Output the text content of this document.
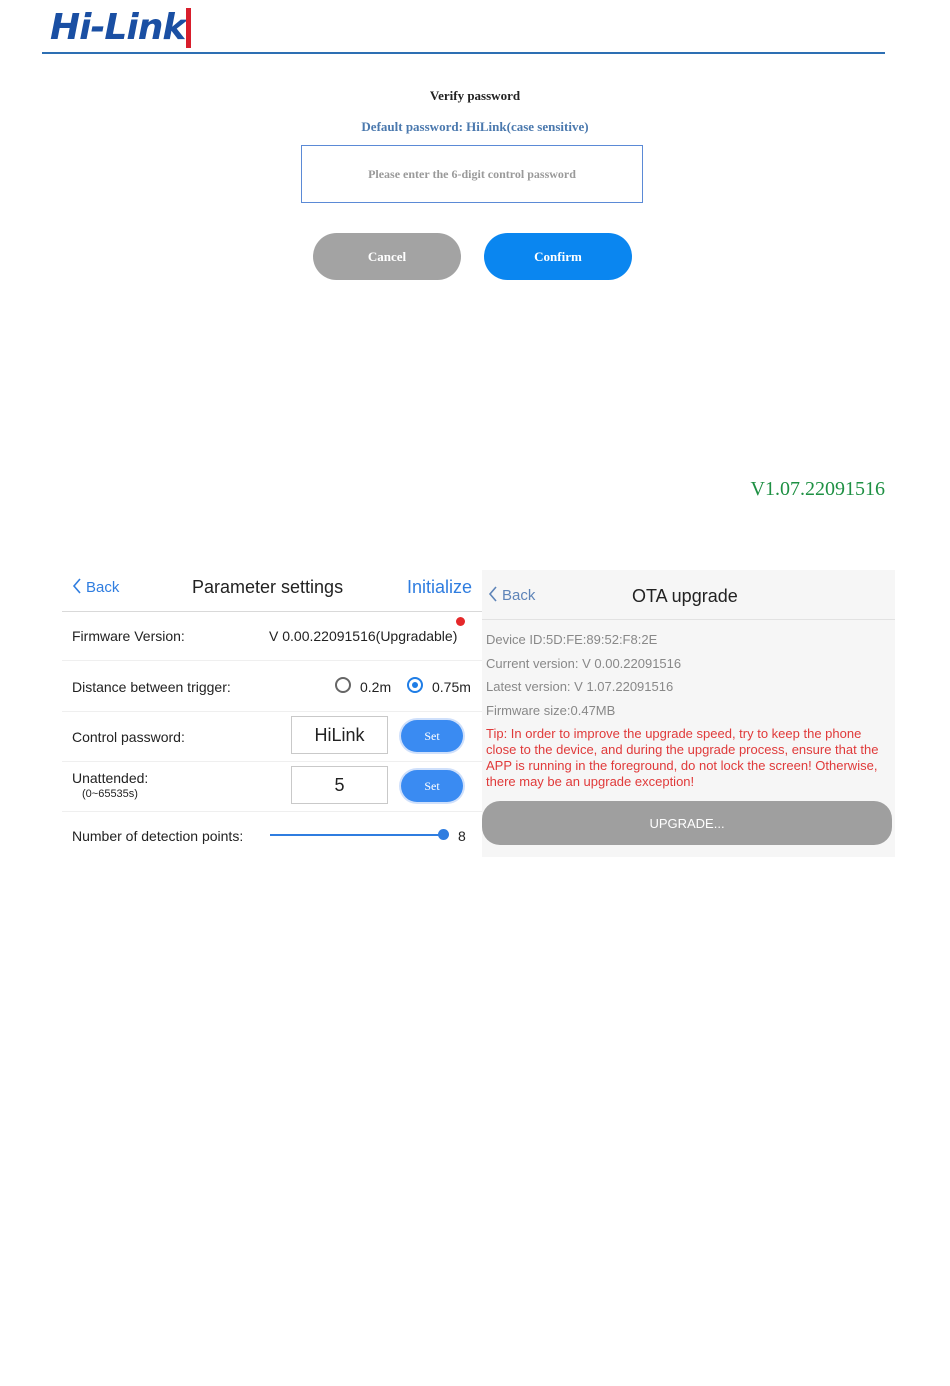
Hi-Link
Verify password
Default password: HiLink(case sensitive)
Please enter the 6-digit control password
Cancel	Confirm
V1.07.22091516
Back	Parameter settings	Initialize
Firmware Version:	V 0.00.22091516(Upgradable)
Distance between trigger:	0.2m	0.75m
Control password:	HiLink	Set
Unattended:
(0~65535s)	5	Set
Number of detection points:	8
Back	OTA upgrade
Device ID:5D:FE:89:52:F8:2E
Current version: V 0.00.22091516
Latest version: V 1.07.22091516
Firmware size:0.47MB
Tip: In order to improve the upgrade speed, try to keep the phone close to the device, and during the upgrade process, ensure that the APP is running in the foreground, do not lock the screen! Otherwise, there may be an upgrade exception!
UPGRADE...
